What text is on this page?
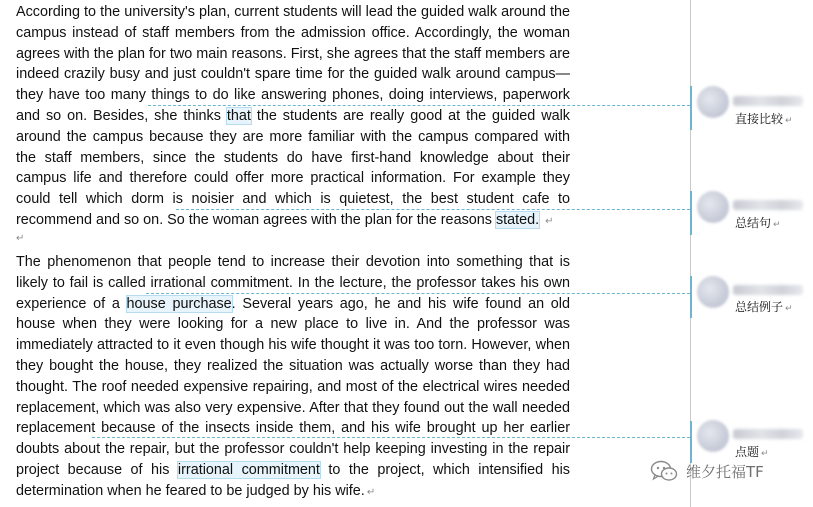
According to the university's plan, current students will lead the guided walk around the campus instead of staff members from the admission office. Accordingly, the woman agrees with the plan for two main reasons. First, she agrees that the staff members are indeed crazily busy and just couldn't spare time for the guided walk around campus—they have too many things to do like answering phones, doing interviews, paperwork and so on. Besides, she thinks that the students are really good at the guided walk around the campus because they are more familiar with the campus compared with the staff members, since the students do have first-hand knowledge about their campus life and therefore could offer more practical information. For example they could tell which dorm is noisier and which is quietest, the best student cafe to recommend and so on. So the woman agrees with the plan for the reasons stated. ↵

↵

The phenomenon that people tend to increase their devotion into something that is likely to fail is called irrational commitment. In the lecture, the professor takes his own experience of a house purchase. Several years ago, he and his wife found an old house when they were looking for a new place to live in. And the professor was immediately attracted to it even though his wife thought it was too torn. However, when they bought the house, they realized the situation was actually worse than they had thought. The roof needed expensive repairing, and most of the electrical wires needed replacement, which was also very expensive. After that they found out the wall needed replacement because of the insects inside them, and his wife brought up her earlier doubts about the repair, but the professor couldn't help keeping investing in the repair project because of his irrational commitment to the project, which intensified his determination when he feared to be judged by his wife. ↵

直接比较 ↵
总结句 ↵
总结例子 ↵
点题 ↵
维夕托福TF
